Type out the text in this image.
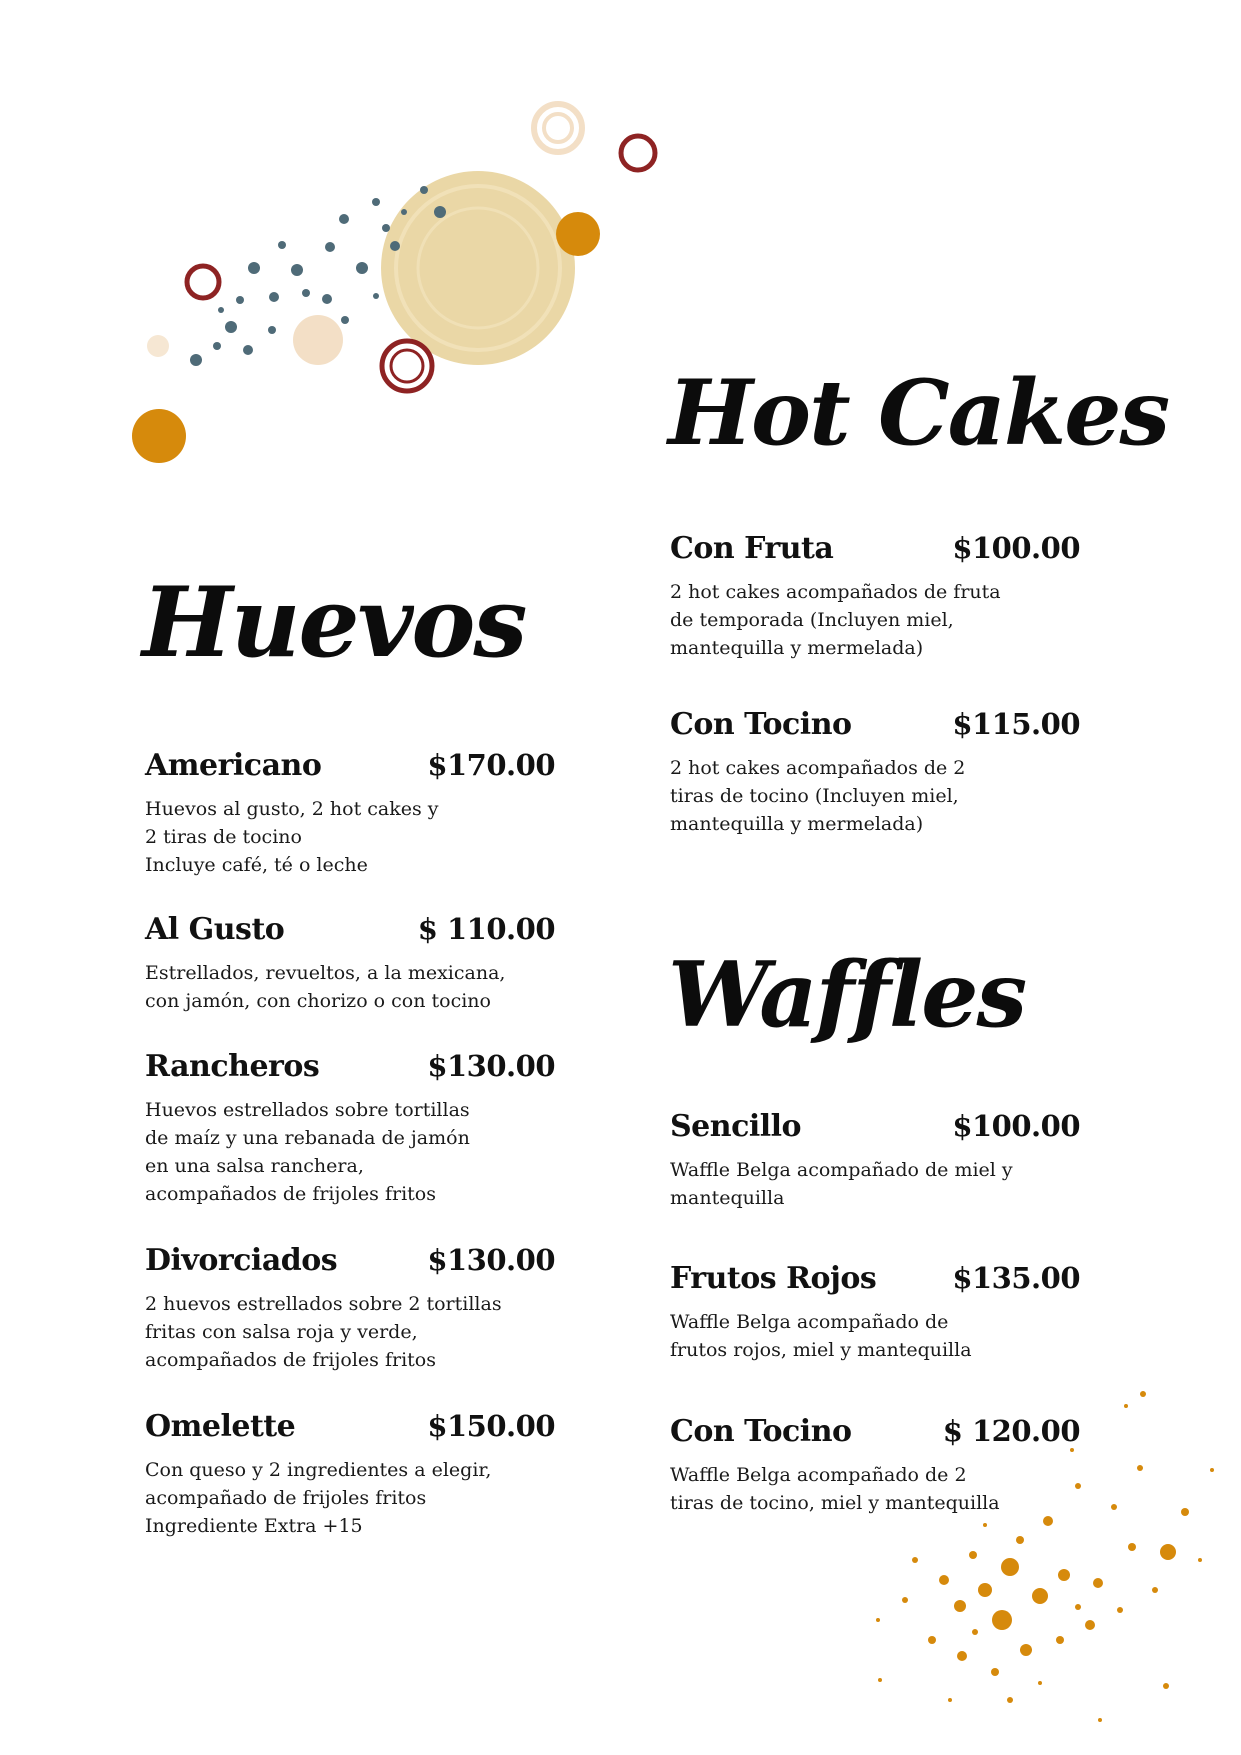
Huevos
Americano	$170.00
Huevos al gusto, 2 hot cakes y
2 tiras de tocino
Incluye café, té o leche
Al Gusto	$ 110.00
Estrellados, revueltos, a la mexicana,
con jamón, con chorizo o con tocino
Rancheros	$130.00
Huevos estrellados sobre tortillas
de maíz y una rebanada de jamón
en una salsa ranchera,
acompañados de frijoles fritos
Divorciados	$130.00
2 huevos estrellados sobre 2 tortillas
fritas con salsa roja y verde,
acompañados de frijoles fritos
Omelette	$150.00
Con queso y 2 ingredientes a elegir,
acompañado de frijoles fritos
Ingrediente Extra +15
Hot Cakes
Con Fruta	$100.00
2 hot cakes acompañados de fruta
de temporada (Incluyen miel,
mantequilla y mermelada)
Con Tocino	$115.00
2 hot cakes acompañados de 2
tiras de tocino (Incluyen miel,
mantequilla y mermelada)
Waffles
Sencillo	$100.00
Waffle Belga acompañado de miel y
mantequilla
Frutos Rojos	$135.00
Waffle Belga acompañado de
frutos rojos, miel y mantequilla
Con Tocino	$ 120.00
Waffle Belga acompañado de 2
tiras de tocino, miel y mantequilla
